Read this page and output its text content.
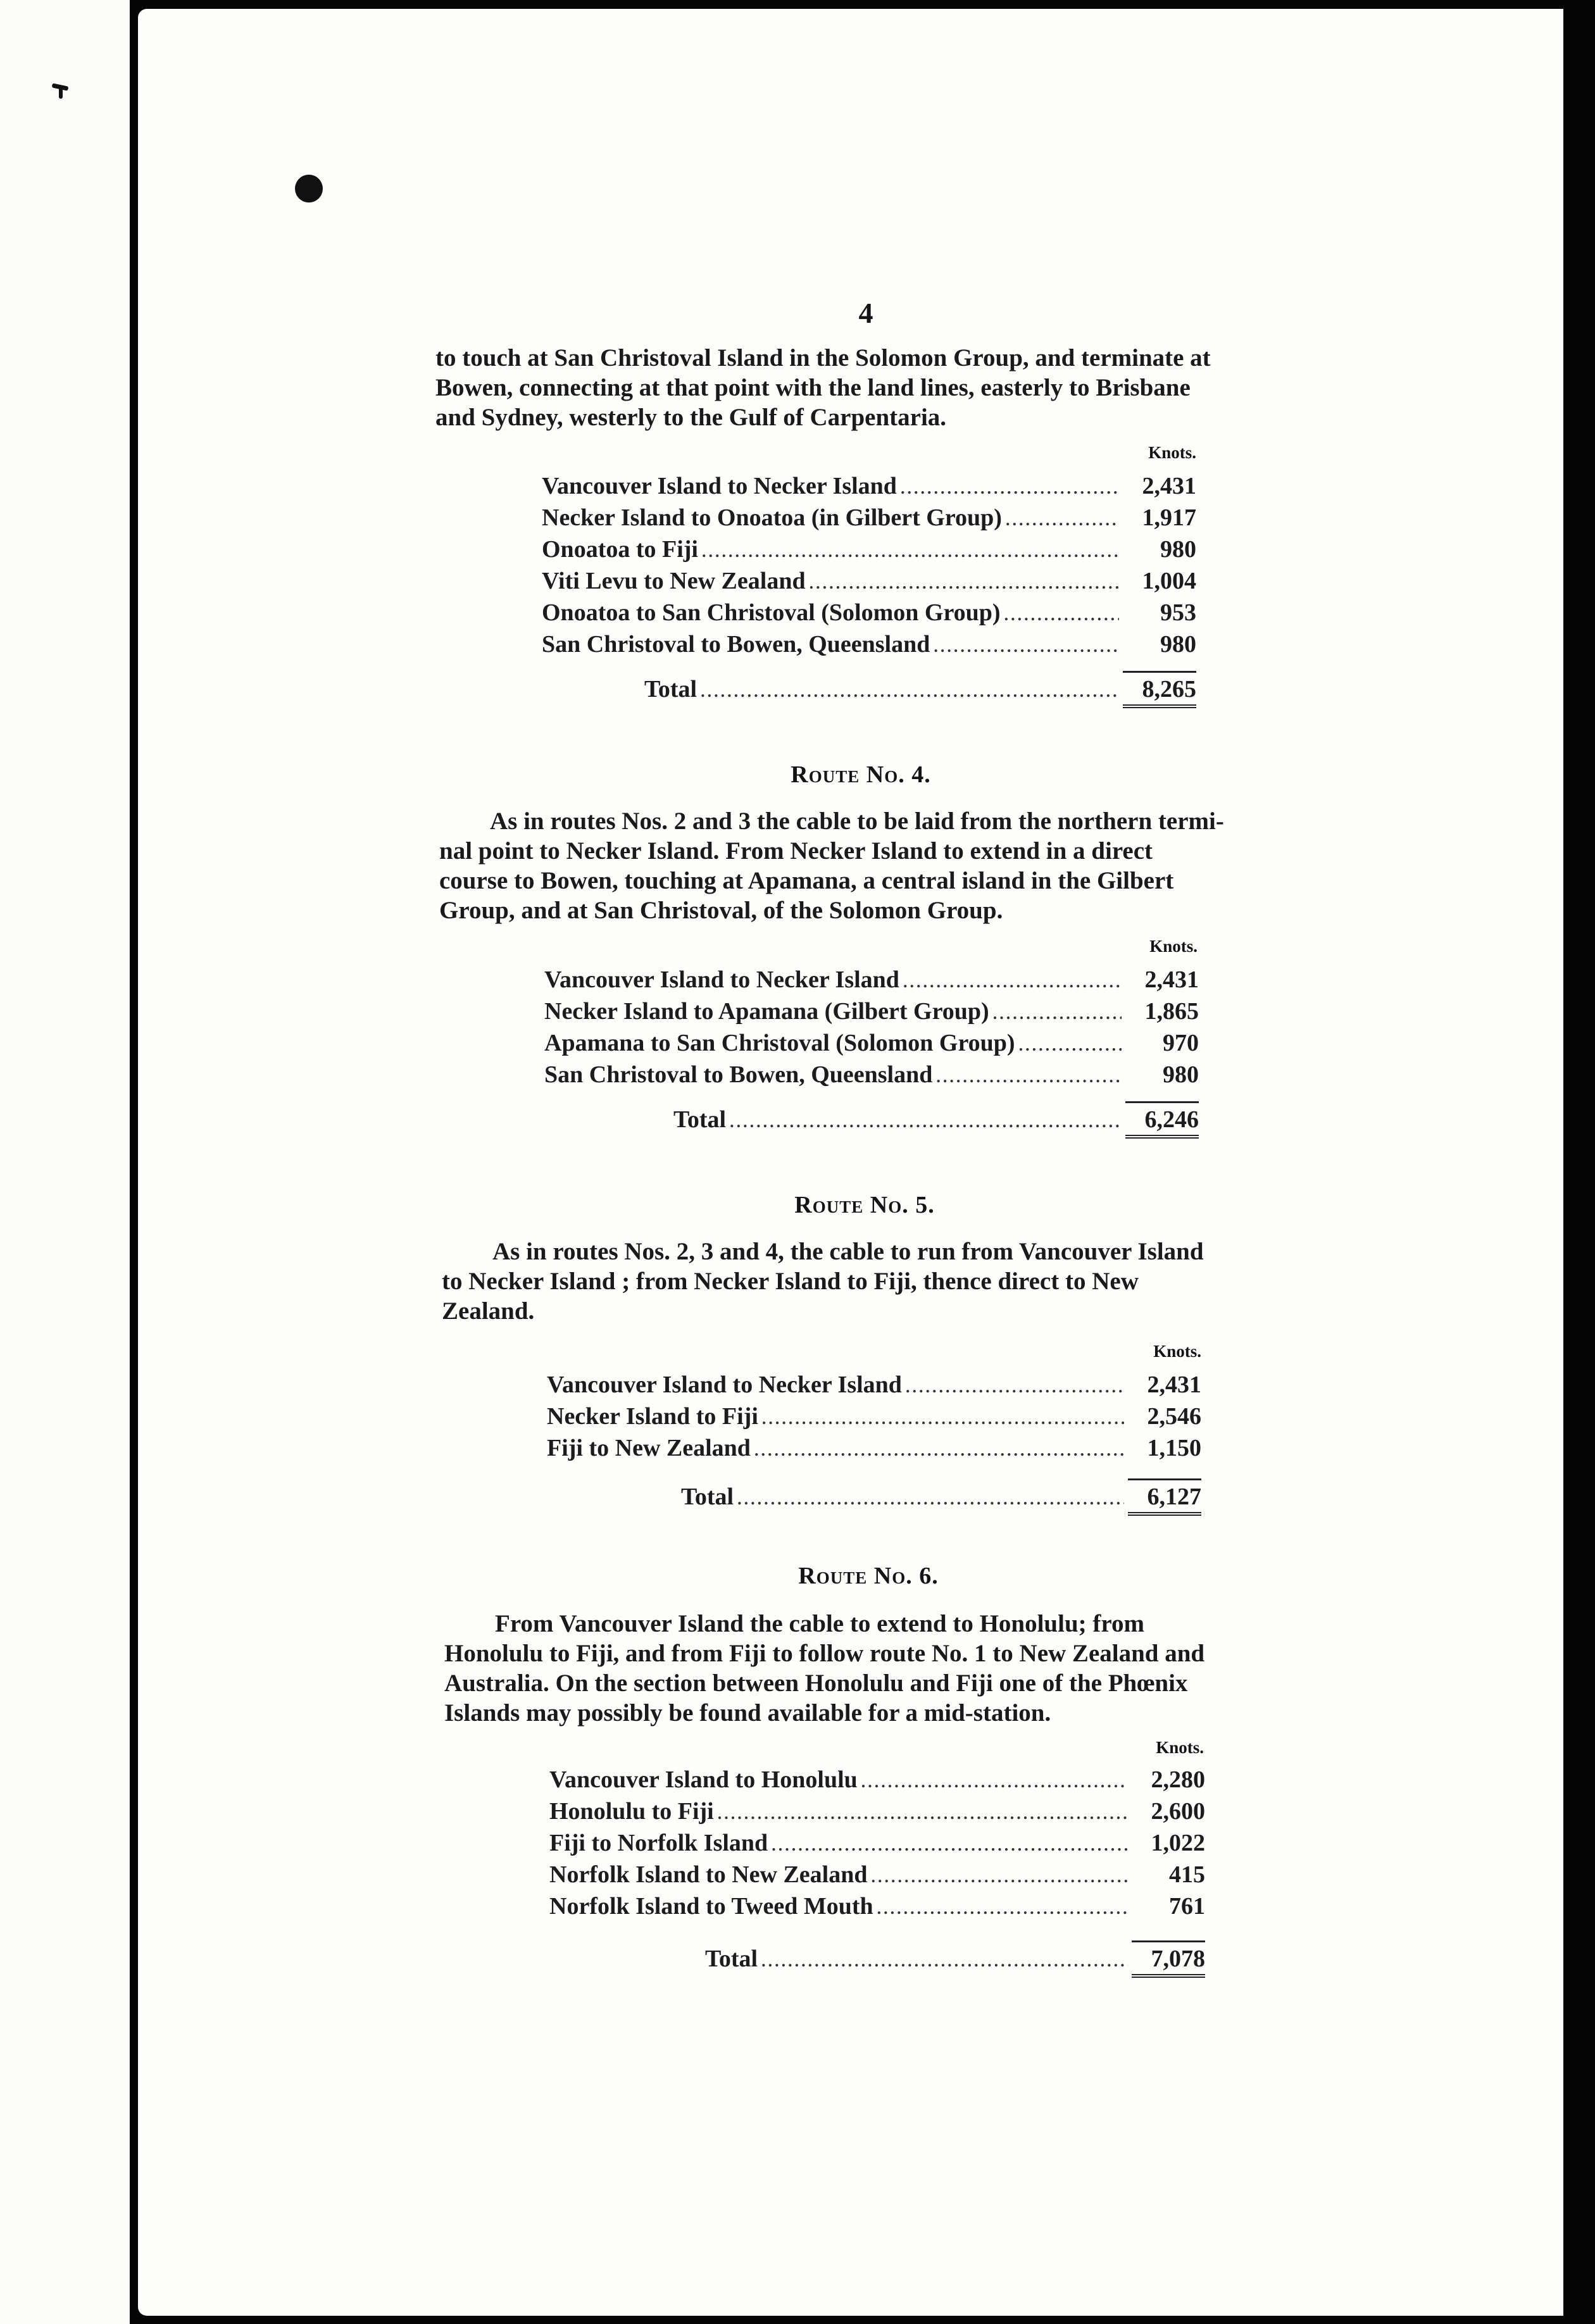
4

to touch at San Christoval Island in the Solomon Group, and terminate at
Bowen, connecting at that point with the land lines, easterly to Brisbane
and Sydney, westerly to the Gulf of Carpentaria.

Knots.
Vancouver Island to Necker Island .....	2,431
Necker Island to Onoatoa (in Gilbert Group) .....	1,917
Onoatoa to Fiji .....	980
Viti Levu to New Zealand .....	1,004
Onoatoa to San Christoval (Solomon Group) .....	953
San Christoval to Bowen, Queensland .....	980
Total .....	8,265
Route No. 4.

As in routes Nos. 2 and 3 the cable to be laid from the northern termi-
nal point to Necker Island. From Necker Island to extend in a direct
course to Bowen, touching at Apamana, a central island in the Gilbert
Group, and at San Christoval, of the Solomon Group.

Knots.
Vancouver Island to Necker Island .....	2,431
Necker Island to Apamana (Gilbert Group) .....	1,865
Apamana to San Christoval (Solomon Group) .....	970
San Christoval to Bowen, Queensland .....	980
Total .....	6,246
Route No. 5.

As in routes Nos. 2, 3 and 4, the cable to run from Vancouver Island
to Necker Island ; from Necker Island to Fiji, thence direct to New
Zealand.

Knots.
Vancouver Island to Necker Island .....	2,431
Necker Island to Fiji .....	2,546
Fiji to New Zealand .....	1,150
Total .....	6,127
Route No. 6.

From Vancouver Island the cable to extend to Honolulu; from
Honolulu to Fiji, and from Fiji to follow route No. 1 to New Zealand and
Australia. On the section between Honolulu and Fiji one of the Phœnix
Islands may possibly be found available for a mid-station.

Knots.
Vancouver Island to Honolulu .....	2,280
Honolulu to Fiji .....	2,600
Fiji to Norfolk Island .....	1,022
Norfolk Island to New Zealand .....	415
Norfolk Island to Tweed Mouth .....	761
Total .....	7,078
